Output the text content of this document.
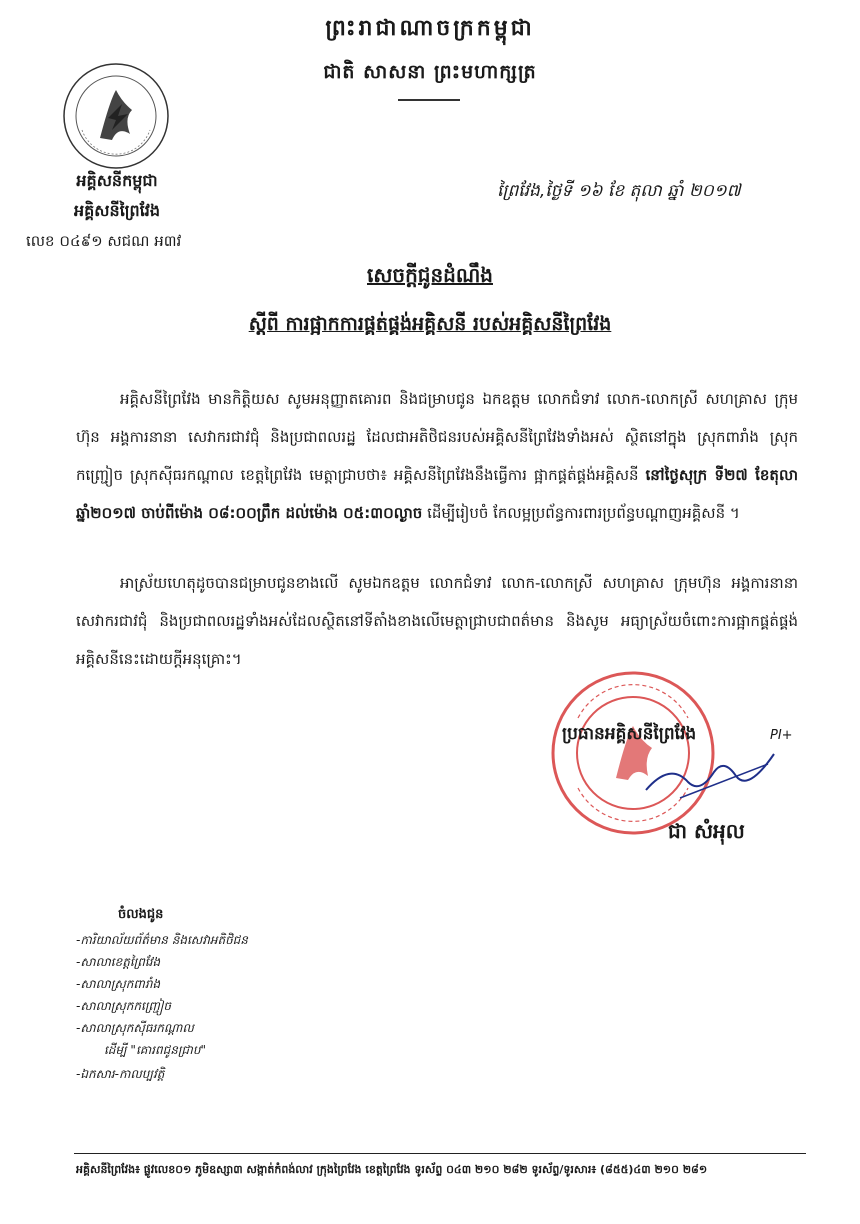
ព្រះរាជាណាចក្រកម្ពុជា
ជាតិ សាសនា ព្រះមហាក្សត្រ
អគ្គិសនីកម្ពុជា
អគ្គិសនីព្រៃវែង
លេខ ០៤៩១ សជណ អ៣វ
ព្រៃវែង,ថ្ងៃទី ១៦ ខែ តុលា ឆ្នាំ ២០១៧
សេចក្ដីជូនដំណឹង
ស្ដីពី ការផ្អាកការផ្គត់ផ្គង់អគ្គិសនី របស់អគ្គិសនីព្រៃវែង
អគ្គិសនីព្រៃវែង មានកិត្តិយស សូមអនុញ្ញាតគោរព និងជម្រាបជូន ឯកឧត្តម លោកជំទាវ លោក-លោកស្រី សហគ្រាស ក្រុមហ៊ុន អង្គការនានា សេវាករជាវជុំ និងប្រជាពលរដ្ឋ ដែលជាអតិថិជនរបស់អគ្គិសនីព្រៃវែងទាំងអស់ ស្ថិតនៅក្នុង ស្រុកពារាំង ស្រុកកញ្ជ្រៀច ស្រុកស៊ីធរកណ្ដាល ខេត្តព្រៃវែង មេត្តាជ្រាបថា៖ អគ្គិសនីព្រៃវែងនឹងធ្វើការ ផ្អាកផ្គត់ផ្គង់អគ្គិសនី នៅថ្ងៃសុក្រ ទី២៧ ខែតុលា ឆ្នាំ២០១៧ ចាប់ពីម៉ោង ០៨:០០ព្រឹក ដល់ម៉ោង ០៥:៣០ល្ងាច ដើម្បីរៀបចំ កែលម្អប្រព័ន្ធការពារប្រព័ន្ធបណ្ដាញអគ្គិសនី ។
អាស្រ័យហេតុដូចបានជម្រាបជូនខាងលើ សូមឯកឧត្តម លោកជំទាវ លោក-លោកស្រី សហគ្រាស ក្រុមហ៊ុន អង្គការនានា សេវាករជាវជុំ និងប្រជាពលរដ្ឋទាំងអស់ដែលស្ថិតនៅទីតាំងខាងលើមេត្តាជ្រាបជាពត៌មាន និងសូម អធ្យាស្រ័យចំពោះការផ្អាកផ្គត់ផ្គង់អគ្គិសនីនេះដោយក្ដីអនុគ្រោះ។
ប្រធានអគ្គិសនីព្រៃវែង	PI+
ជា សំអុល
ចំលងជូន
-ការិយាល័យព័ត៌មាន និងសេវាអតិថិជន
-សាលាខេត្តព្រៃវែង
-សាលាស្រុកពារាំង
-សាលាស្រុកកញ្ជ្រៀច
-សាលាស្រុកស៊ីធរកណ្ដាល
ដើម្បី "គោរពជូនជ្រាប"
-ឯកសារ-កាលប្បវត្តិ
អគ្គិសនីព្រៃវែង៖ ផ្លូវលេខ០១ ភូមិឧស្សា៣ សង្កាត់កំពង់លាវ ក្រុងព្រៃវែង ខេត្តព្រៃវែង ទូរស័ព្ទ ០៤៣ ២១០ ២៨២ ទូរស័ព្ទ/ទូរសារ៖ (៨៥៥)៤៣ ២១០ ២៨១
